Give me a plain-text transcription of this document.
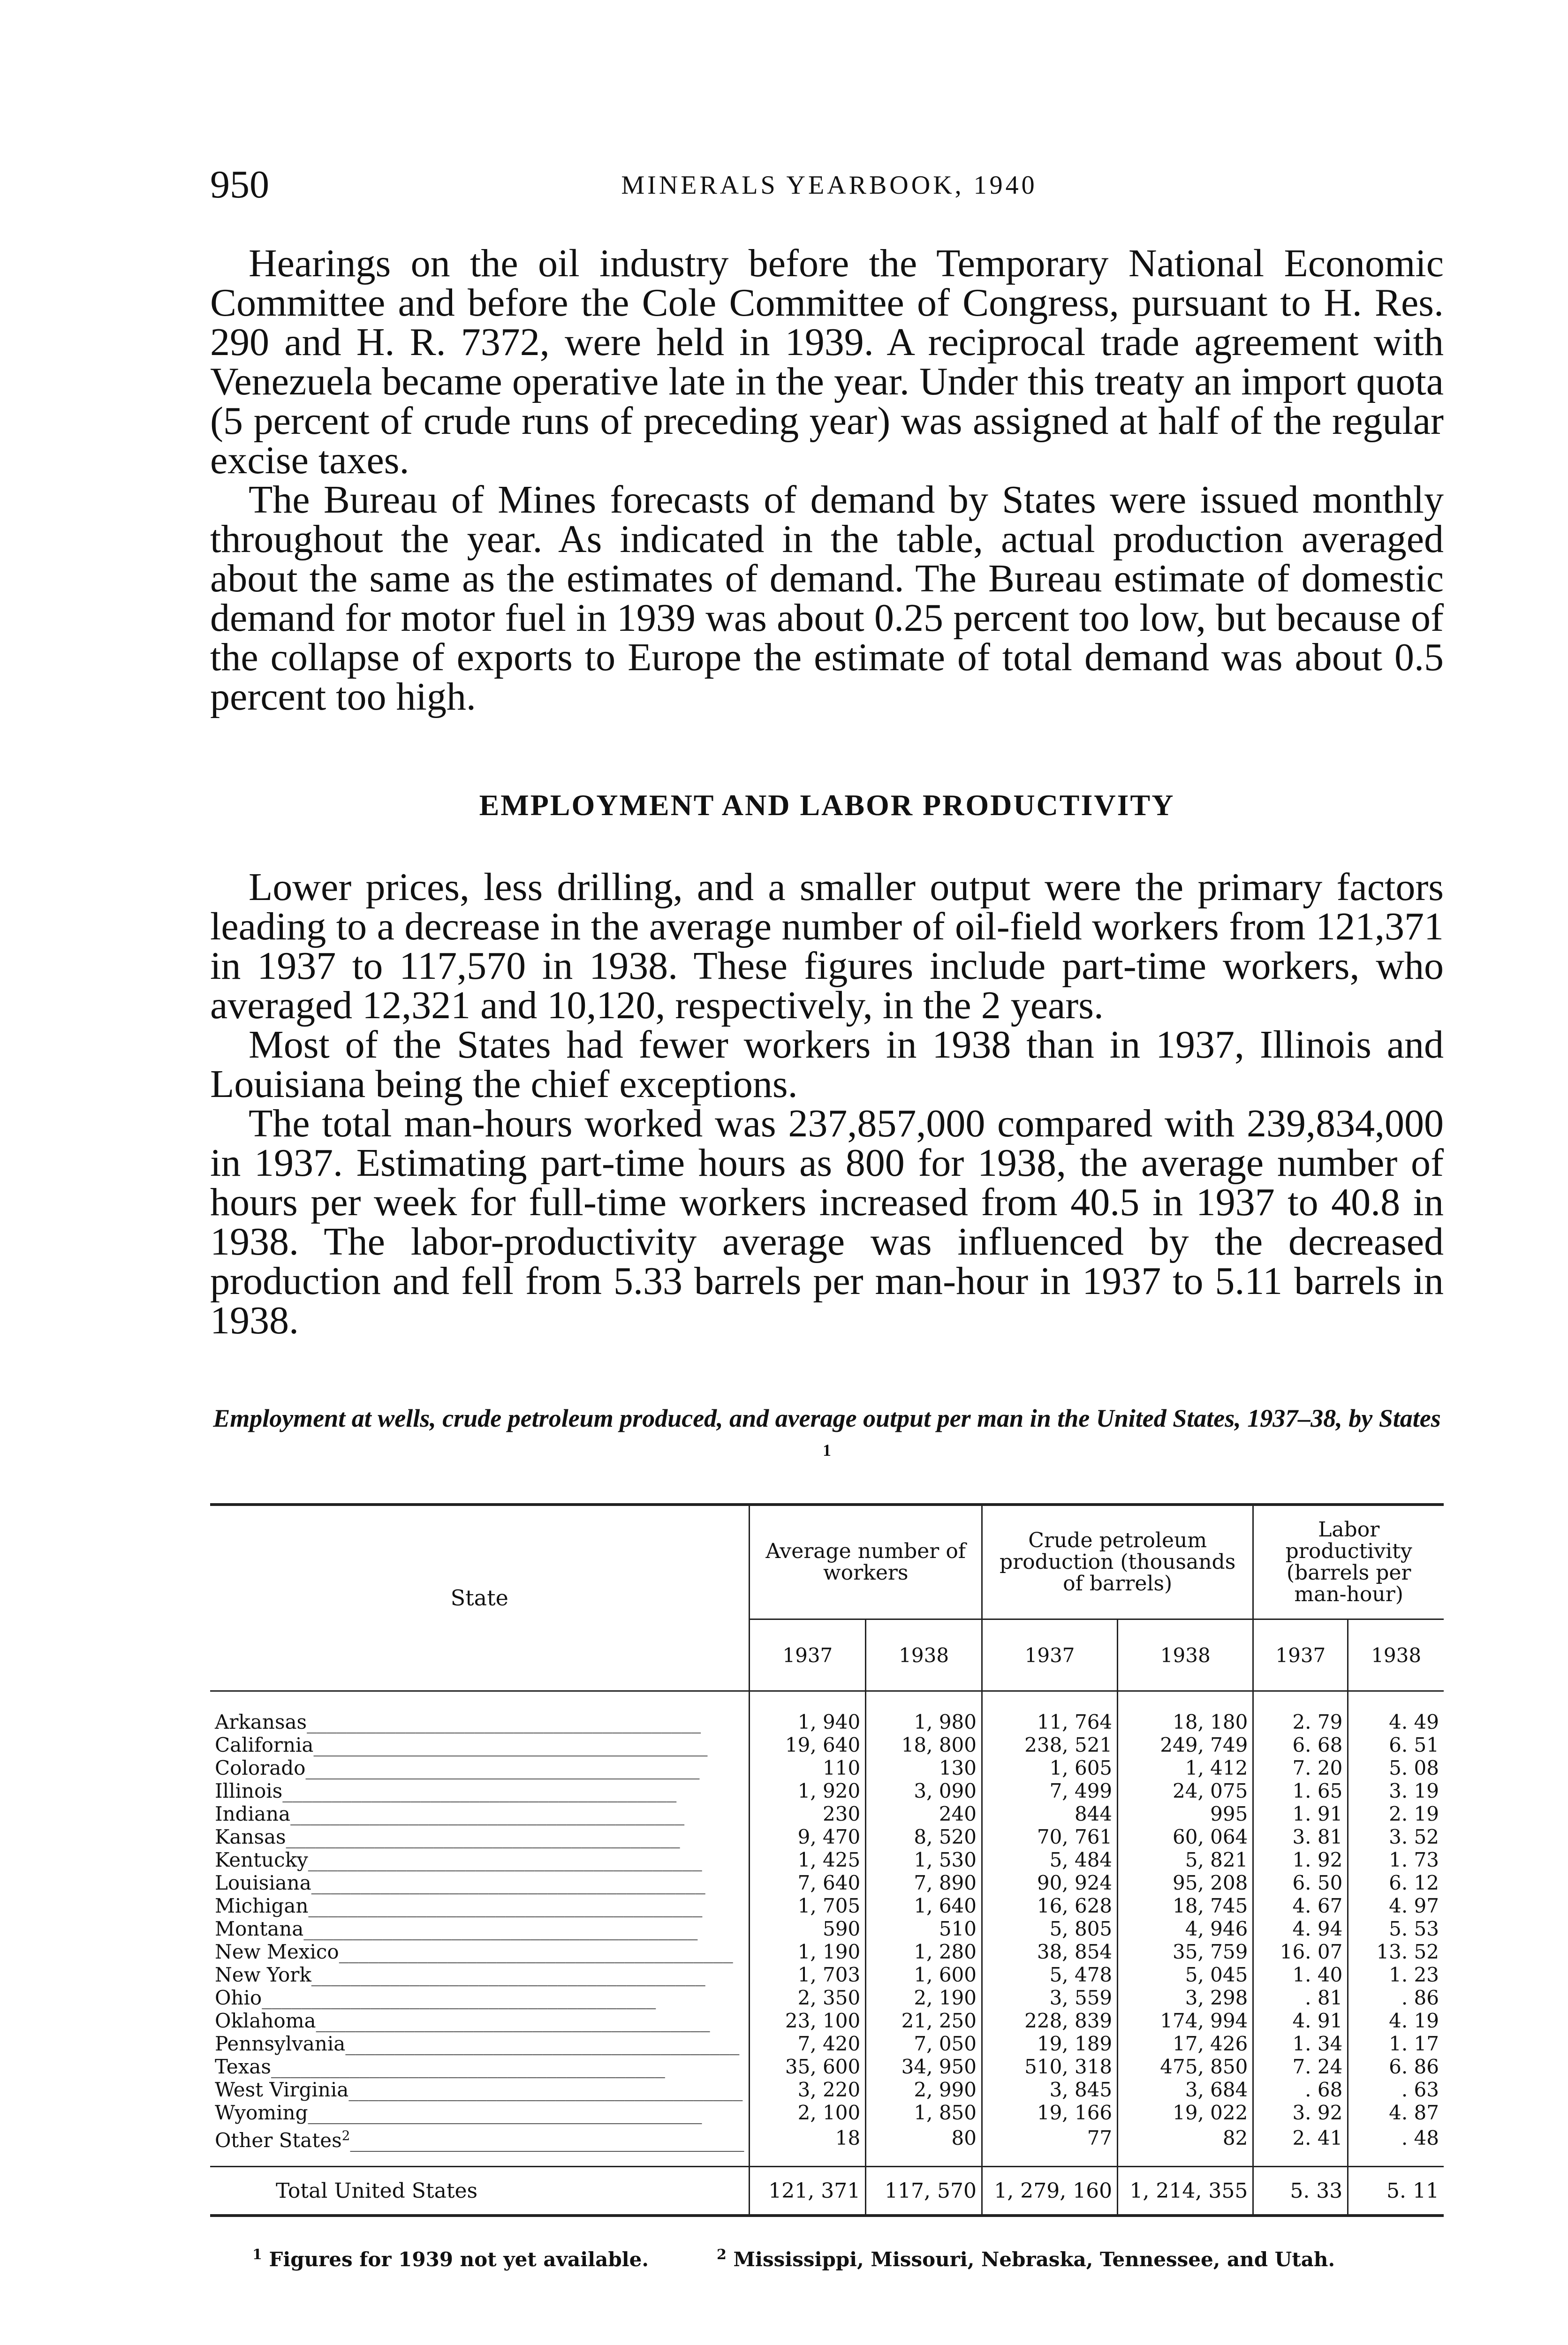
950	MINERALS YEARBOOK, 1940

Hearings on the oil industry before the Temporary National Economic Committee and before the Cole Committee of Congress, pursuant to H. Res. 290 and H. R. 7372, were held in 1939. A reciprocal trade agreement with Venezuela became operative late in the year. Under this treaty an import quota (5 percent of crude runs of preceding year) was assigned at half of the regular excise taxes.

The Bureau of Mines forecasts of demand by States were issued monthly throughout the year. As indicated in the table, actual production averaged about the same as the estimates of demand. The Bureau estimate of domestic demand for motor fuel in 1939 was about 0.25 percent too low, but because of the collapse of exports to Europe the estimate of total demand was about 0.5 percent too high.

EMPLOYMENT AND LABOR PRODUCTIVITY

Lower prices, less drilling, and a smaller output were the primary factors leading to a decrease in the average number of oil-field workers from 121,371 in 1937 to 117,570 in 1938. These figures include part-time workers, who averaged 12,321 and 10,120, respectively, in the 2 years.

Most of the States had fewer workers in 1938 than in 1937, Illinois and Louisiana being the chief exceptions.

The total man-hours worked was 237,857,000 compared with 239,834,000 in 1937. Estimating part-time hours as 800 for 1938, the average number of hours per week for full-time workers increased from 40.5 in 1937 to 40.8 in 1938. The labor-productivity average was influenced by the decreased production and fell from 5.33 barrels per man-hour in 1937 to 5.11 barrels in 1938.

Employment at wells, crude petroleum produced, and average output per man in the United States, 1937–38, by States $^1$
State	Average number of workers		Crude petroleum production (thousands of barrels)		Labor productivity (barrels per man-hour)	
	1937	1938	1937	1938	1937	1938
Arkansas________________________________________	1, 940	1, 980	11, 764	18, 180	2. 79	4. 49
California________________________________________	19, 640	18, 800	238, 521	249, 749	6. 68	6. 51
Colorado________________________________________	110	130	1, 605	1, 412	7. 20	5. 08
Illinois________________________________________	1, 920	3, 090	7, 499	24, 075	1. 65	3. 19
Indiana________________________________________	230	240	844	995	1. 91	2. 19
Kansas________________________________________	9, 470	8, 520	70, 761	60, 064	3. 81	3. 52
Kentucky________________________________________	1, 425	1, 530	5, 484	5, 821	1. 92	1. 73
Louisiana________________________________________	7, 640	7, 890	90, 924	95, 208	6. 50	6. 12
Michigan________________________________________	1, 705	1, 640	16, 628	18, 745	4. 67	4. 97
Montana________________________________________	590	510	5, 805	4, 946	4. 94	5. 53
New Mexico________________________________________	1, 190	1, 280	38, 854	35, 759	16. 07	13. 52
New York________________________________________	1, 703	1, 600	5, 478	5, 045	1. 40	1. 23
Ohio________________________________________	2, 350	2, 190	3, 559	3, 298	. 81	. 86
Oklahoma________________________________________	23, 100	21, 250	228, 839	174, 994	4. 91	4. 19
Pennsylvania________________________________________	7, 420	7, 050	19, 189	17, 426	1. 34	1. 17
Texas________________________________________	35, 600	34, 950	510, 318	475, 850	7. 24	6. 86
West Virginia________________________________________	3, 220	2, 990	3, 845	3, 684	. 68	. 63
Wyoming________________________________________	2, 100	1, 850	19, 166	19, 022	3. 92	4. 87
Other States$^2$________________________________________	18	80	77	82	2. 41	. 48
Total United States	121, 371	117, 570	1, 279, 160	1, 214, 355	5. 33	5. 11
$^1$ Figures for 1939 not yet available.	$^2$ Mississippi, Missouri, Nebraska, Tennessee, and Utah.
